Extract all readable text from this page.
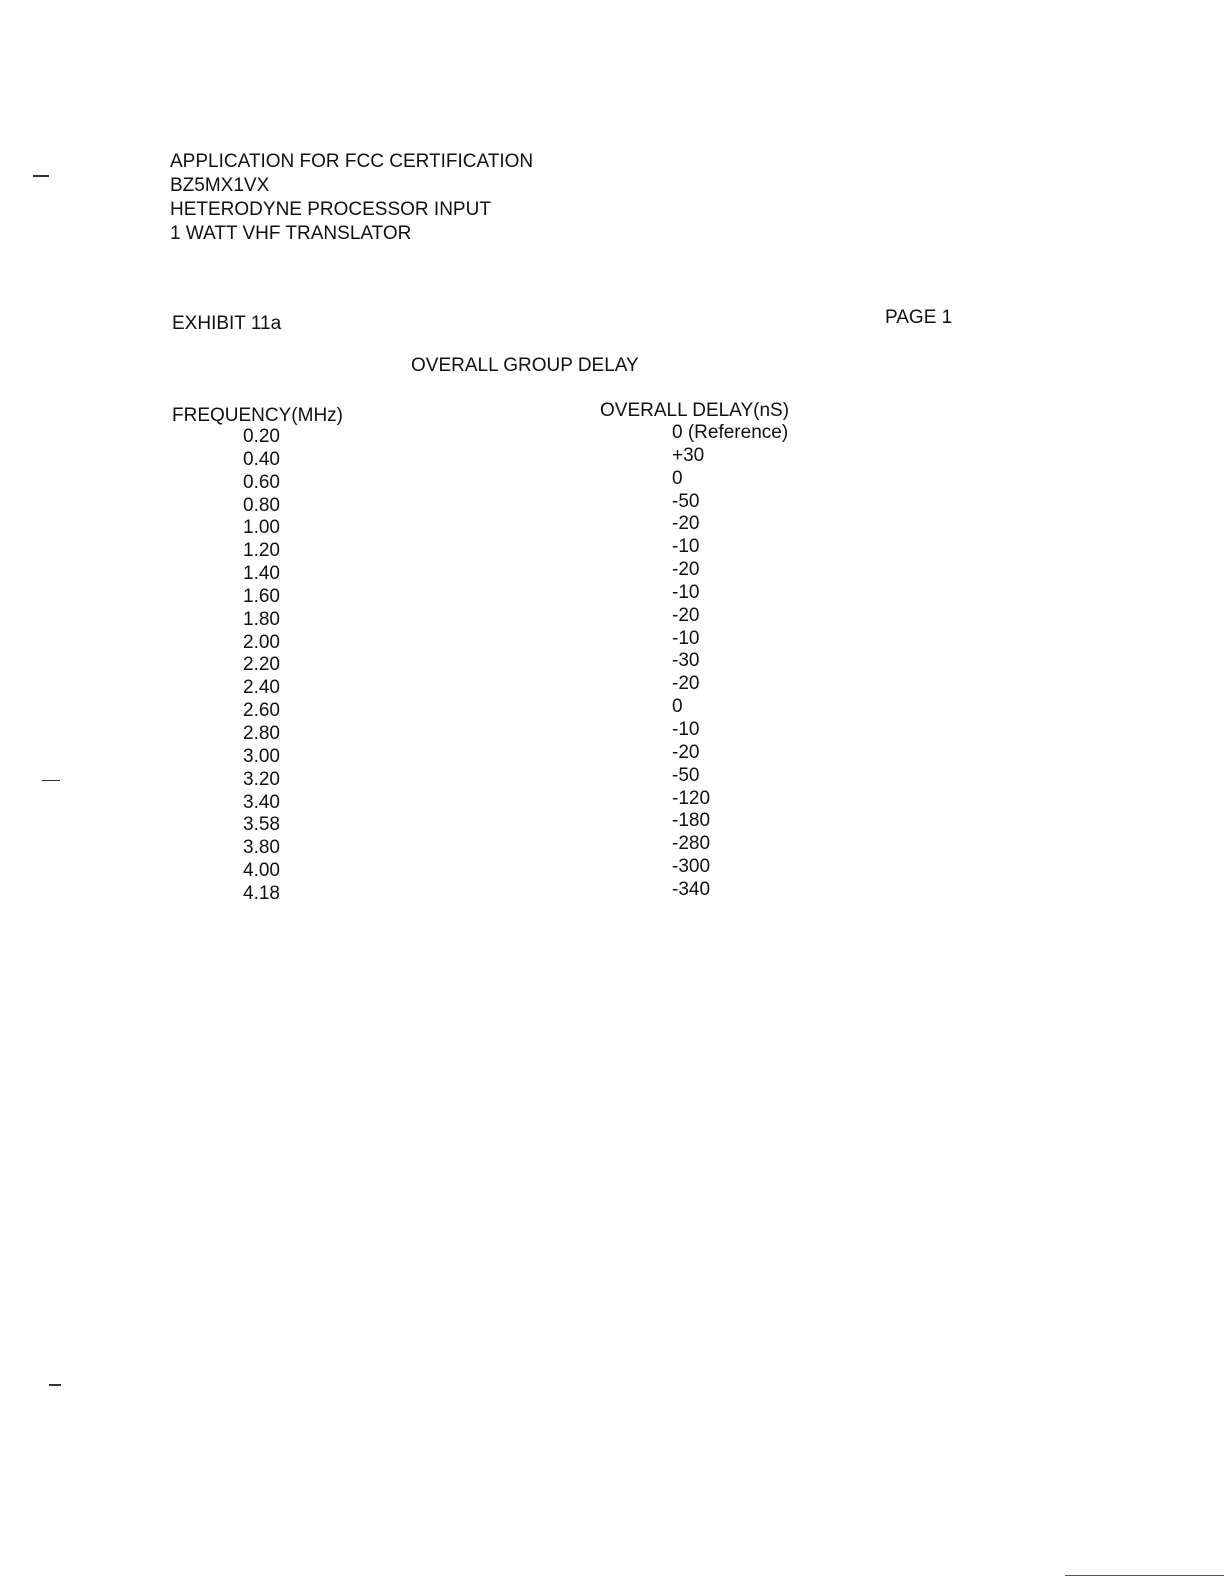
APPLICATION FOR FCC CERTIFICATION
BZ5MX1VX
HETERODYNE PROCESSOR INPUT
1 WATT VHF TRANSLATOR
EXHIBIT 11a	PAGE 1
OVERALL GROUP DELAY
FREQUENCY(MHz)	OVERALL DELAY(nS)
0.20
0.40
0.60
0.80
1.00
1.20
1.40
1.60
1.80
2.00
2.20
2.40
2.60
2.80
3.00
3.20
3.40
3.58
3.80
4.00
4.18
0 (Reference)
+30
0
-50
-20
-10
-20
-10
-20
-10
-30
-20
0
-10
-20
-50
-120
-180
-280
-300
-340
